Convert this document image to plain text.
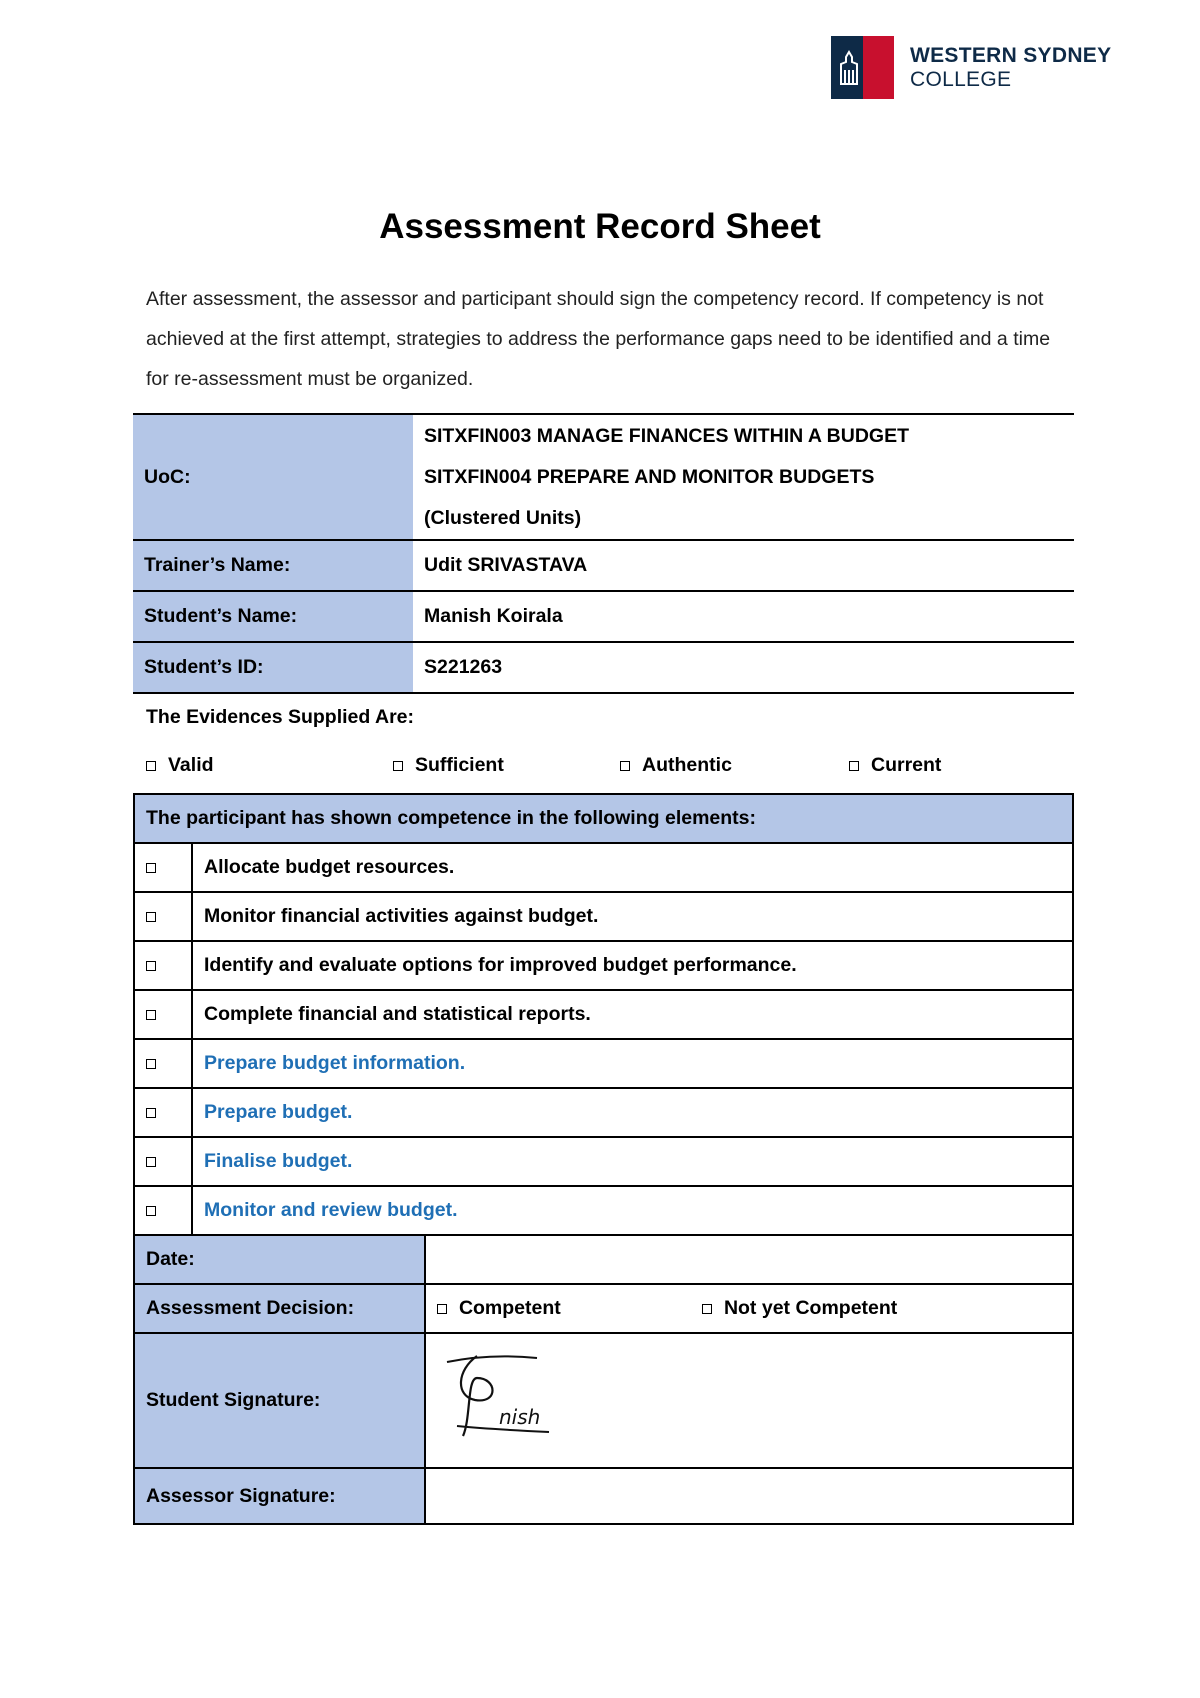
WESTERN SYDNEY
COLLEGE
Assessment Record Sheet
After assessment, the assessor and participant should sign the competency record. If competency is not achieved at the first attempt, strategies to address the performance gaps need to be identified and a time for re-assessment must be organized.
UoC:	SITXFIN003 MANAGE FINANCES WITHIN A BUDGET
SITXFIN004 PREPARE AND MONITOR BUDGETS
(Clustered Units)

Trainer’s Name:	Udit SRIVASTAVA
Student’s Name:	Manish Koirala
Student’s ID:	S221263
The Evidences Supplied Are:
Valid	Sufficient	Authentic	Current
The participant has shown competence in the following elements:		
	Allocate budget resources.	
	Monitor financial activities against budget.	
	Identify and evaluate options for improved budget performance.	
	Complete financial and statistical reports.	
	Prepare budget information.	
	Prepare budget.	
	Finalise budget.	
	Monitor and review budget.	
Date:		
Assessment Decision:		Competent Not yet Competent

Student Signature:		nish

Assessor Signature:		
